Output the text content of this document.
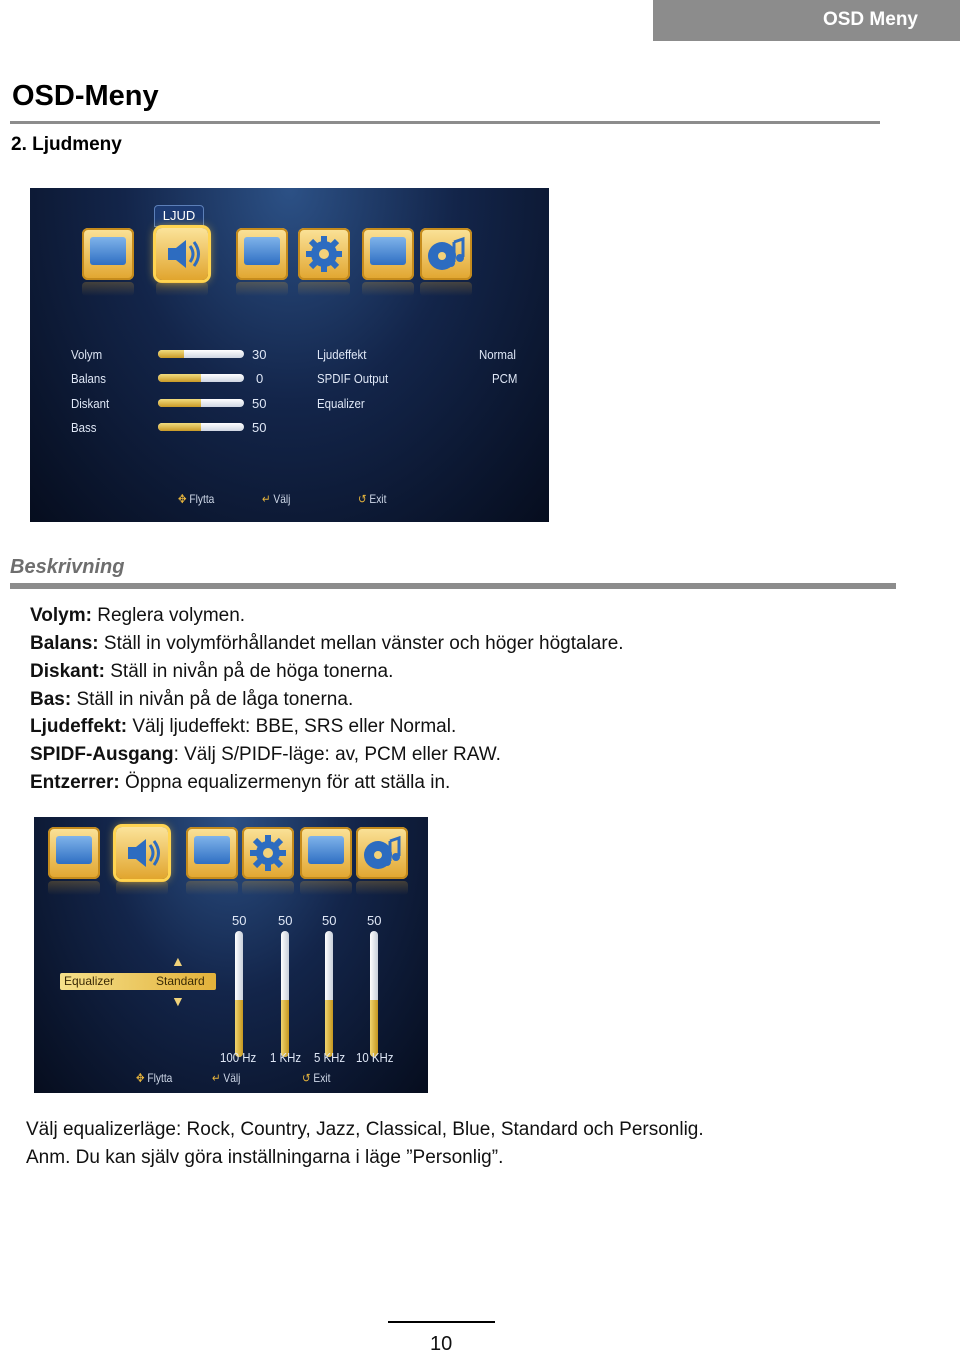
OSD Meny
OSD-Meny
2. Ljudmeny
LJUD
Volym	30
Balans	0
Diskant	50
Bass	50
Ljudeffekt	Normal
SPDIF Output	PCM
Equalizer
✥ Flytta	↵ Välj	↺ Exit
Beskrivning
Volym: Reglera volymen.
Balans: Ställ in volymförhållandet mellan vänster och höger högtalare.
Diskant: Ställ in nivån på de höga tonerna.
Bas: Ställ in nivån på de låga tonerna.
Ljudeffekt: Välj ljudeffekt: BBE, SRS eller Normal.
SPIDF-Ausgang: Välj S/PIDF-läge: av, PCM eller RAW.
Entzerrer: Öppna equalizermenyn för att ställa in.
▲
Equalizer	Standard
▼
50 50 50 50
100 Hz 1 KHz 5 KHz 10 KHz
✥ Flytta	↵ Välj	↺ Exit
Välj equalizerläge: Rock, Country, Jazz, Classical, Blue, Standard och Personlig.
Anm. Du kan själv göra inställningarna i läge ”Personlig”.
10
